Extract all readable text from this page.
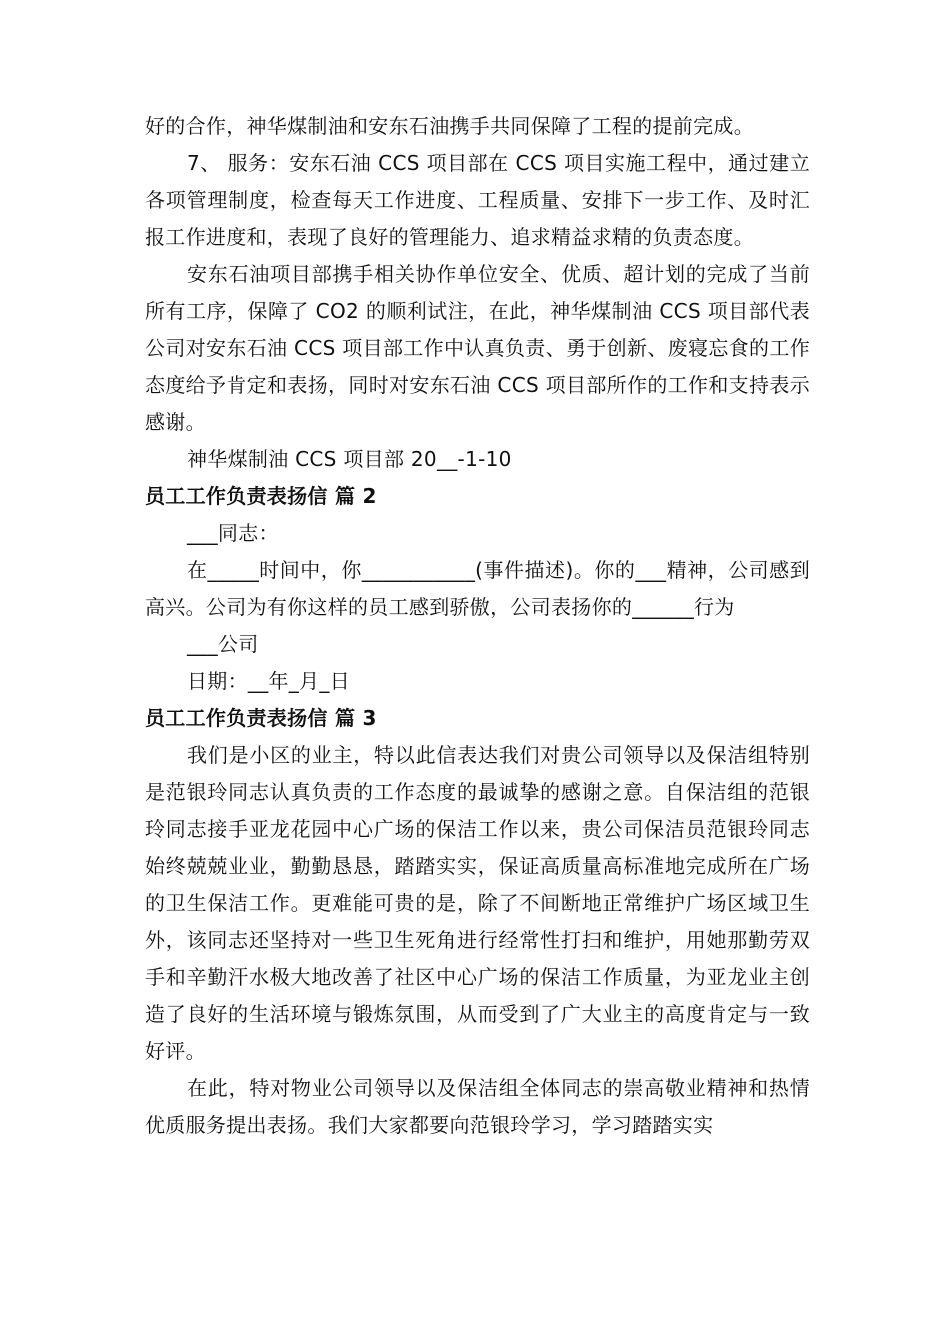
好的合作，神华煤制油和安东石油携手共同保障了工程的提前完成。

7、 服务：安东石油 CCS 项目部在 CCS 项目实施工程中，通过建立各项管理制度，检查每天工作进度、工程质量、安排下一步工作、及时汇报工作进度和，表现了良好的管理能力、追求精益求精的负责态度。

安东石油项目部携手相关协作单位安全、优质、超计划的完成了当前所有工序，保障了 CO2 的顺利试注，在此，神华煤制油 CCS 项目部代表公司对安东石油 CCS 项目部工作中认真负责、勇于创新、废寝忘食的工作态度给予肯定和表扬，同时对安东石油 CCS 项目部所作的工作和支持表示感谢。

神华煤制油 CCS 项目部 20__-1-10

员工工作负责表扬信 篇 2

___同志：

在_____时间中，你___________(事件描述)。你的___精神，公司感到高兴。公司为有你这样的员工感到骄傲，公司表扬你的______行为

___公司

日期：__年_月_日

员工工作负责表扬信 篇 3

我们是小区的业主，特以此信表达我们对贵公司领导以及保洁组特别是范银玲同志认真负责的工作态度的最诚挚的感谢之意。自保洁组的范银玲同志接手亚龙花园中心广场的保洁工作以来，贵公司保洁员范银玲同志始终兢兢业业，勤勤恳恳，踏踏实实，保证高质量高标准地完成所在广场的卫生保洁工作。更难能可贵的是，除了不间断地正常维护广场区域卫生外，该同志还坚持对一些卫生死角进行经常性打扫和维护，用她那勤劳双手和辛勤汗水极大地改善了社区中心广场的保洁工作质量，为亚龙业主创造了良好的生活环境与锻炼氛围，从而受到了广大业主的高度肯定与一致好评。

在此，特对物业公司领导以及保洁组全体同志的崇高敬业精神和热情优质服务提出表扬。我们大家都要向范银玲学习，学习踏踏实实
